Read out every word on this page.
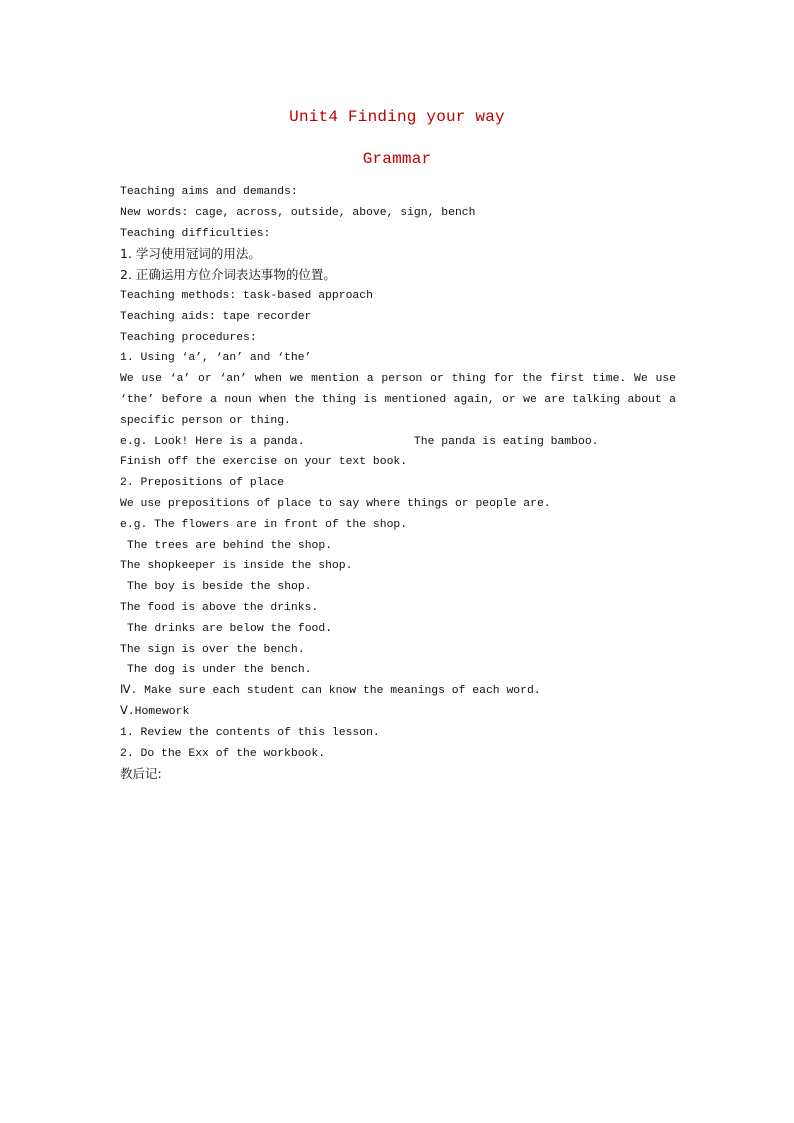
Unit4 Finding your way
Grammar
Teaching aims and demands:
New words: cage, across, outside, above, sign, bench
Teaching difficulties:
1. 学习使用冠词的用法。
2. 正确运用方位介词表达事物的位置。
Teaching methods: task-based approach
Teaching aids: tape recorder
Teaching procedures:
1. Using ‘a’, ‘an’ and ‘the’
We use ‘a’ or ‘an’ when we mention a person or thing for the first time. We use ‘the’ before a noun when the thing is mentioned again, or we are talking about a specific person or thing.
e.g. Look! Here is a panda.                The panda is eating bamboo.
Finish off the exercise on your text book.
2. Prepositions of place
We use prepositions of place to say where things or people are.
e.g. The flowers are in front of the shop.
The trees are behind the shop.
The shopkeeper is inside the shop.
The boy is beside the shop.
The food is above the drinks.
The drinks are below the food.
The sign is over the bench.
The dog is under the bench.
Ⅳ. Make sure each student can know the meanings of each word.
Ⅴ.Homework
1. Review the contents of this lesson.
2. Do the Exx of the workbook.
教后记:
